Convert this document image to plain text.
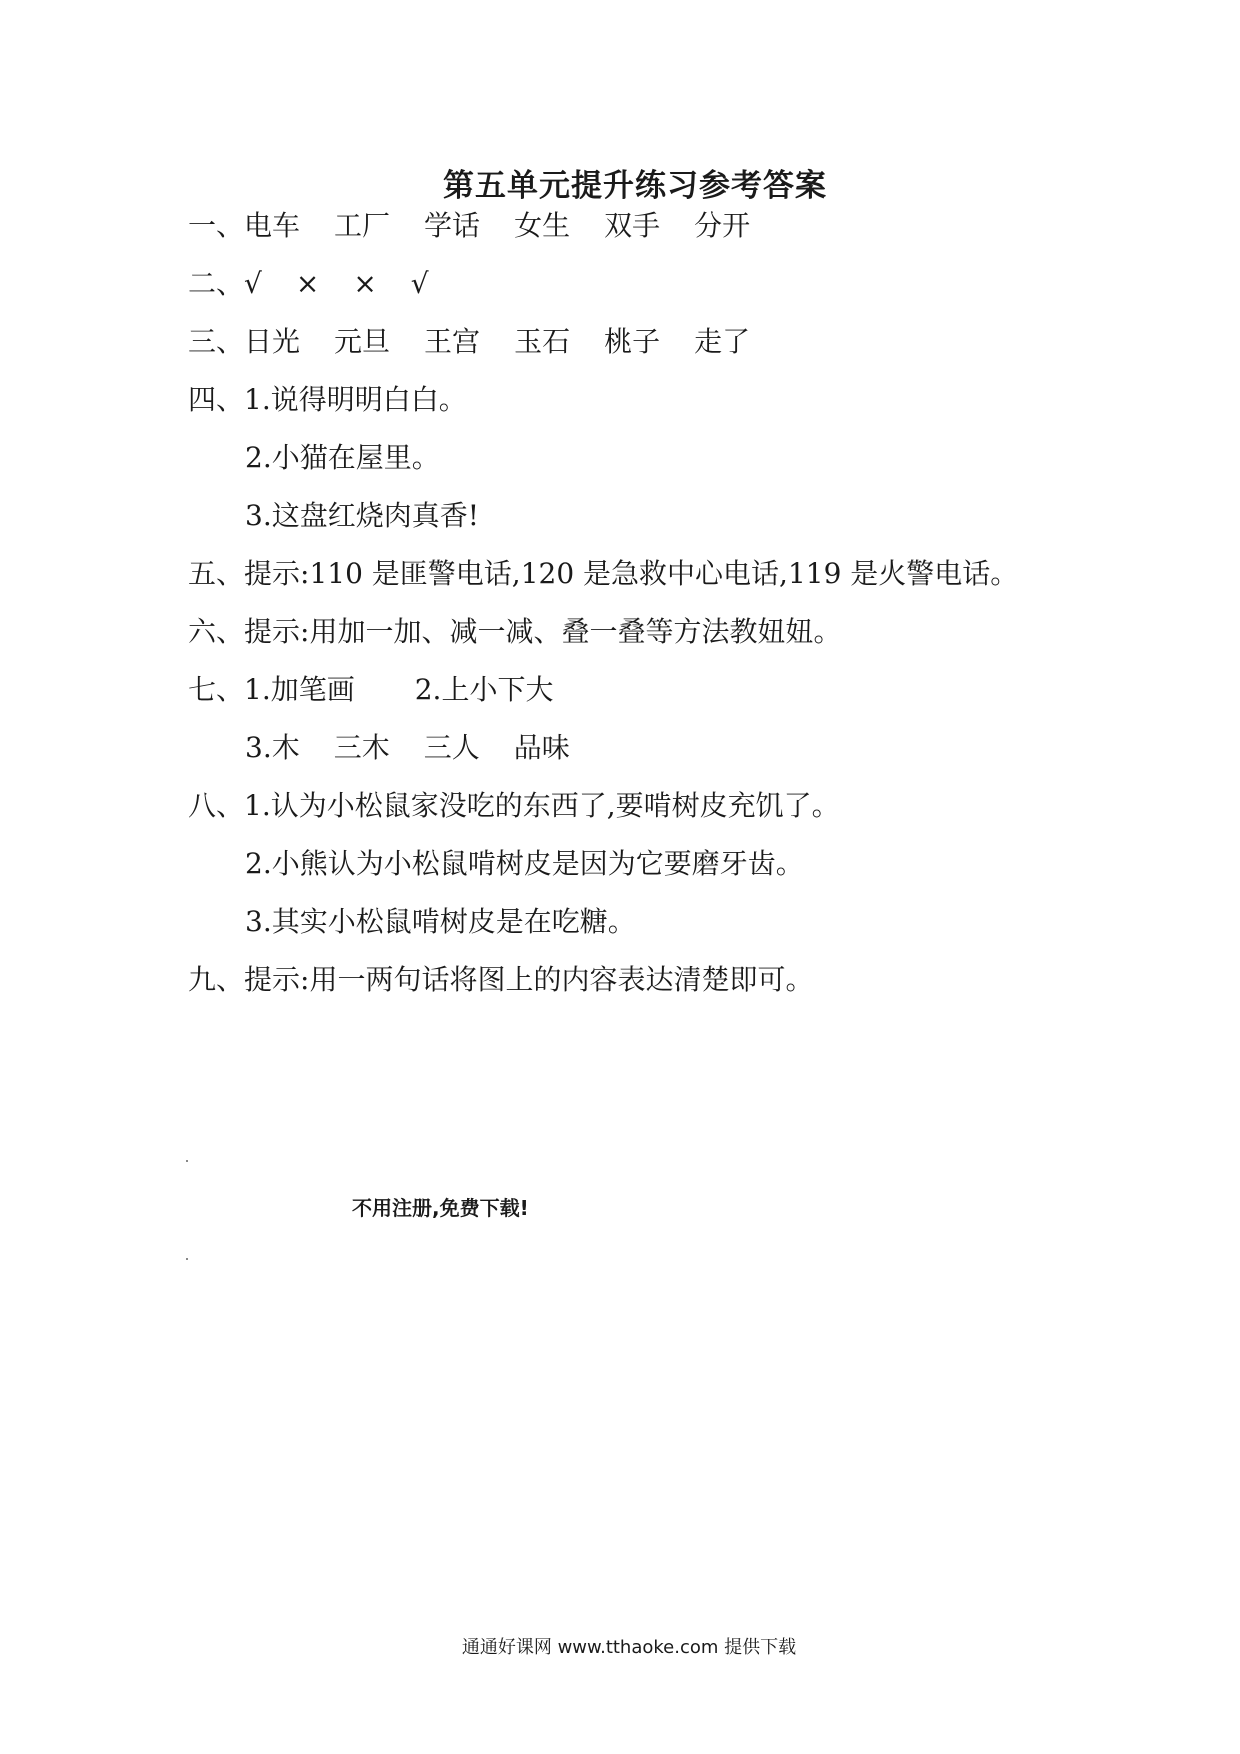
第五单元提升练习参考答案
一、电车 工厂 学话 女生 双手 分开
二、√ × × √
三、日光 元旦 王宫 玉石 桃子 走了
四、1.说得明明白白。
2.小猫在屋里。
3.这盘红烧肉真香!
五、提示:110 是匪警电话,120 是急救中心电话,119 是火警电话。
六、提示:用加一加、减一减、叠一叠等方法教妞妞。
七、1.加笔画 2.上小下大
3.木 三木 三人 品味
八、1.认为小松鼠家没吃的东西了,要啃树皮充饥了。
2.小熊认为小松鼠啃树皮是因为它要磨牙齿。
3.其实小松鼠啃树皮是在吃糖。
九、提示:用一两句话将图上的内容表达清楚即可。
不用注册,免费下载!
通通好课网 www.tthaoke.com 提供下载
